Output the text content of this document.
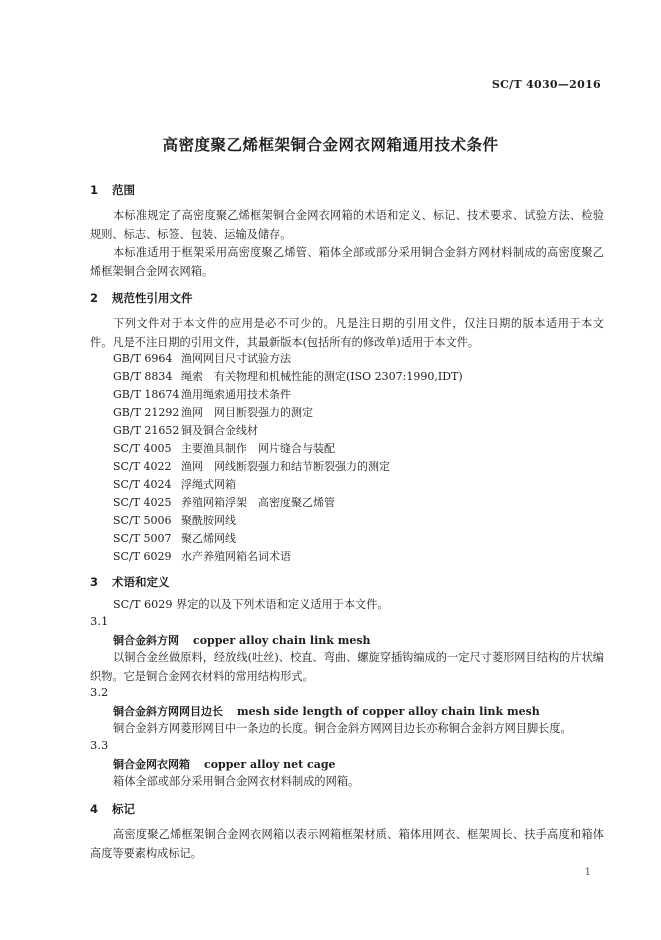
SC/T 4030—2016
高密度聚乙烯框架铜合金网衣网箱通用技术条件
1 范围
本标准规定了高密度聚乙烯框架铜合金网衣网箱的术语和定义、标记、技术要求、试验方法、检验规则、标志、标签、包装、运输及储存。
本标准适用于框架采用高密度聚乙烯管、箱体全部或部分采用铜合金斜方网材料制成的高密度聚乙烯框架铜合金网衣网箱。
2 规范性引用文件
下列文件对于本文件的应用是必不可少的。凡是注日期的引用文件，仅注日期的版本适用于本文件。凡是不注日期的引用文件，其最新版本(包括所有的修改单)适用于本文件。
GB/T 6964 渔网网目尺寸试验方法
GB/T 8834 绳索　有关物理和机械性能的测定(ISO 2307:1990,IDT)
GB/T 18674 渔用绳索通用技术条件
GB/T 21292 渔网　网目断裂强力的测定
GB/T 21652 铜及铜合金线材
SC/T 4005 主要渔具制作　网片缝合与装配
SC/T 4022 渔网　网线断裂强力和结节断裂强力的测定
SC/T 4024 浮绳式网箱
SC/T 4025 养殖网箱浮架　高密度聚乙烯管
SC/T 5006 聚酰胺网线
SC/T 5007 聚乙烯网线
SC/T 6029 水产养殖网箱名词术语
3 术语和定义
SC/T 6029 界定的以及下列术语和定义适用于本文件。
3.1
铜合金斜方网 copper alloy chain link mesh
以铜合金丝做原料，经放线(吐丝)、校直、弯曲、螺旋穿插钩编成的一定尺寸菱形网目结构的片状编织物。它是铜合金网衣材料的常用结构形式。
3.2
铜合金斜方网网目边长 mesh side length of copper alloy chain link mesh
铜合金斜方网菱形网目中一条边的长度。铜合金斜方网网目边长亦称铜合金斜方网目脚长度。
3.3
铜合金网衣网箱 copper alloy net cage
箱体全部或部分采用铜合金网衣材料制成的网箱。
4 标记
高密度聚乙烯框架铜合金网衣网箱以表示网箱框架材质、箱体用网衣、框架周长、扶手高度和箱体高度等要素构成标记。
1
